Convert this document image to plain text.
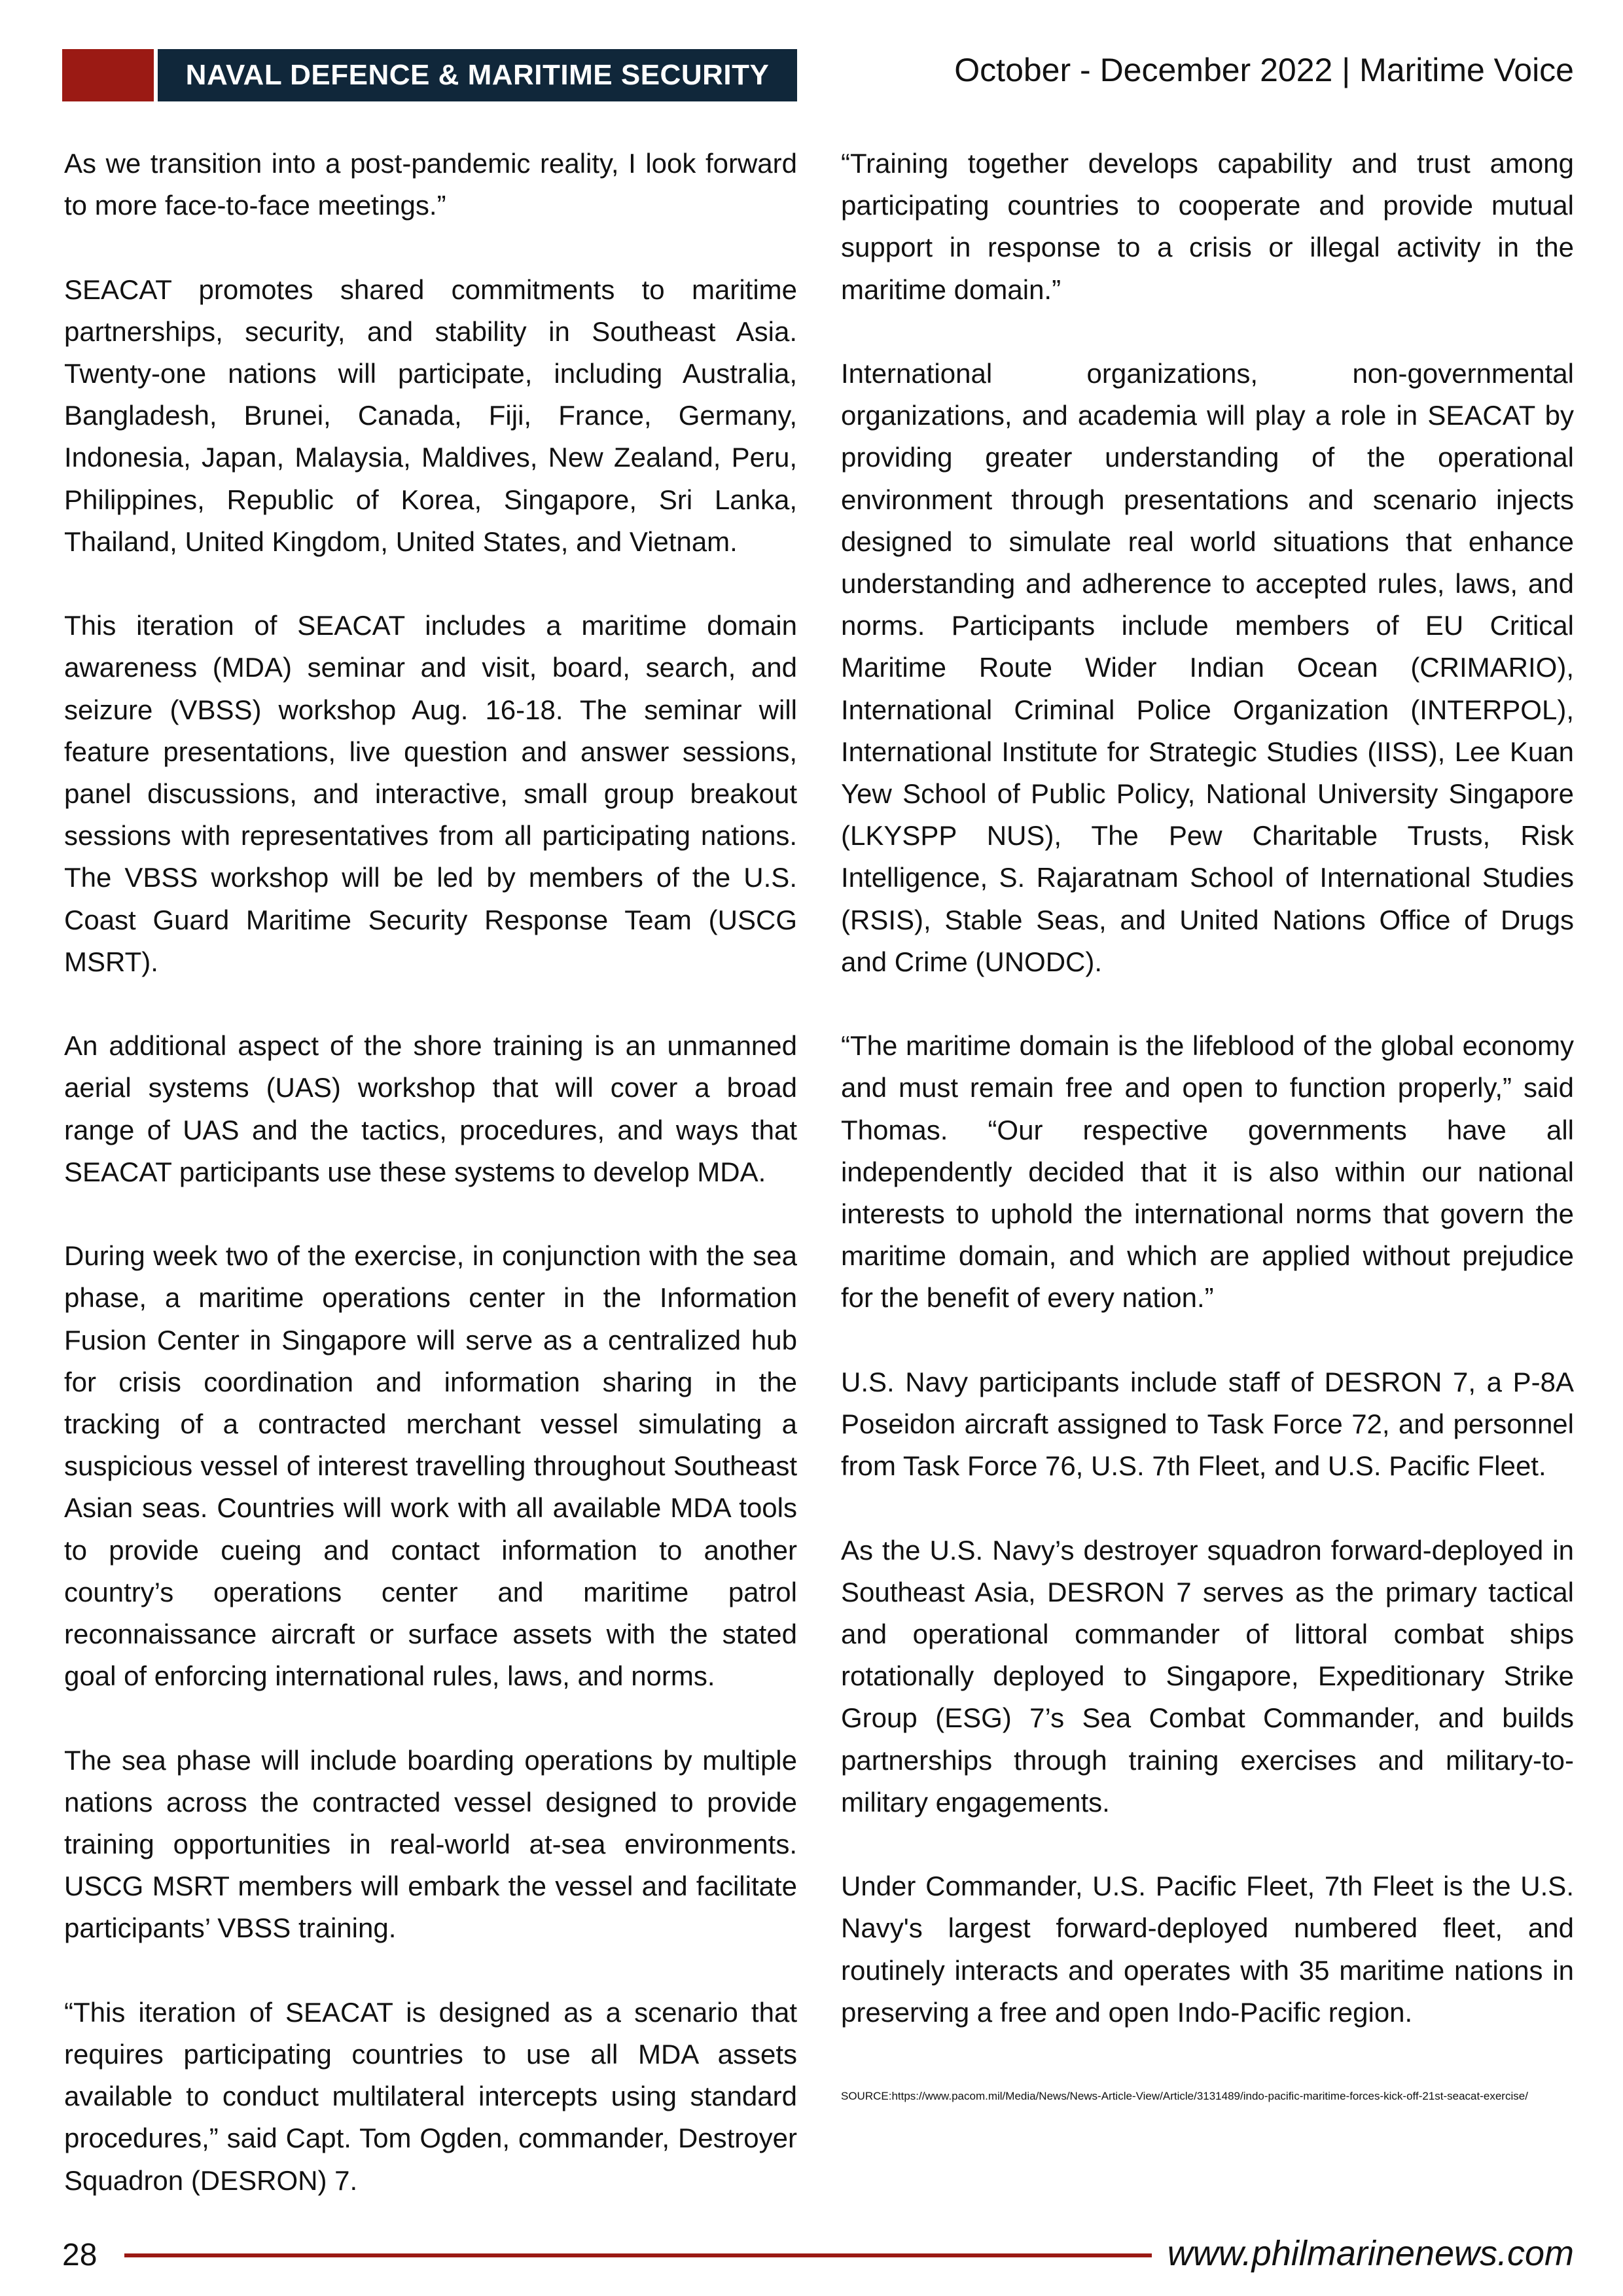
NAVAL DEFENCE & MARITIME SECURITY	October - December 2022 | Maritime Voice

As we transition into a post-pandemic reality, I look forward to more face-to-face meetings.”

SEACAT promotes shared commitments to maritime partnerships, security, and stability in Southeast Asia. Twenty-one nations will participate, including Australia, Bangladesh, Brunei, Canada, Fiji, France, Germany, Indonesia, Japan, Malaysia, Maldives, New Zealand, Peru, Philippines, Republic of Korea, Singapore, Sri Lanka, Thailand, United Kingdom, United States, and Vietnam.

This iteration of SEACAT includes a maritime domain awareness (MDA) seminar and visit, board, search, and seizure (VBSS) workshop Aug. 16-18. The seminar will feature presentations, live question and answer sessions, panel discussions, and interactive, small group breakout sessions with representatives from all participating nations. The VBSS workshop will be led by members of the U.S. Coast Guard Maritime Security Response Team (USCG MSRT).

An additional aspect of the shore training is an unmanned aerial systems (UAS) workshop that will cover a broad range of UAS and the tactics, procedures, and ways that SEACAT participants use these systems to develop MDA.

During week two of the exercise, in conjunction with the sea phase, a maritime operations center in the Information Fusion Center in Singapore will serve as a centralized hub for crisis coordination and information sharing in the tracking of a contracted merchant vessel simulating a suspicious vessel of interest travelling throughout Southeast Asian seas. Countries will work with all available MDA tools to provide cueing and contact information to another country’s operations center and maritime patrol reconnaissance aircraft or surface assets with the stated goal of enforcing international rules, laws, and norms.

The sea phase will include boarding operations by multiple nations across the contracted vessel designed to provide training opportunities in real-world at-sea environments. USCG MSRT members will embark the vessel and facilitate participants’ VBSS training.

“This iteration of SEACAT is designed as a scenario that requires participating countries to use all MDA assets available to conduct multilateral intercepts using standard procedures,” said Capt. Tom Ogden, commander, Destroyer Squadron (DESRON) 7.

“Training together develops capability and trust among participating countries to cooperate and provide mutual support in response to a crisis or illegal activity in the maritime domain.”

International organizations, non-governmental organizations, and academia will play a role in SEACAT by providing greater understanding of the operational environment through presentations and scenario injects designed to simulate real world situations that enhance understanding and adherence to accepted rules, laws, and norms. Participants include members of EU Critical Maritime Route Wider Indian Ocean (CRIMARIO), International Criminal Police Organization (INTERPOL), International Institute for Strategic Studies (IISS), Lee Kuan Yew School of Public Policy, National University Singapore (LKYSPP NUS), The Pew Charitable Trusts, Risk Intelligence, S. Rajaratnam School of International Studies (RSIS), Stable Seas, and United Nations Office of Drugs and Crime (UNODC).

“The maritime domain is the lifeblood of the global economy and must remain free and open to function properly,” said Thomas. “Our respective governments have all independently decided that it is also within our national interests to uphold the international norms that govern the maritime domain, and which are applied without prejudice for the benefit of every nation.”

U.S. Navy participants include staff of DESRON 7, a P-8A Poseidon aircraft assigned to Task Force 72, and personnel from Task Force 76, U.S. 7th Fleet, and U.S. Pacific Fleet.

As the U.S. Navy’s destroyer squadron forward-deployed in Southeast Asia, DESRON 7 serves as the primary tactical and operational commander of littoral combat ships rotationally deployed to Singapore, Expeditionary Strike Group (ESG) 7’s Sea Combat Commander, and builds partnerships through training exercises and military-to-military engagements.

Under Commander, U.S. Pacific Fleet, 7th Fleet is the U.S. Navy's largest forward-deployed numbered fleet, and routinely interacts and operates with 35 maritime nations in preserving a free and open Indo-Pacific region.

SOURCE:https://www.pacom.mil/Media/News/News-Article-View/Article/3131489/indo-pacific-maritime-forces-kick-off-21st-seacat-exercise/

28	www.philmarinenews.com
